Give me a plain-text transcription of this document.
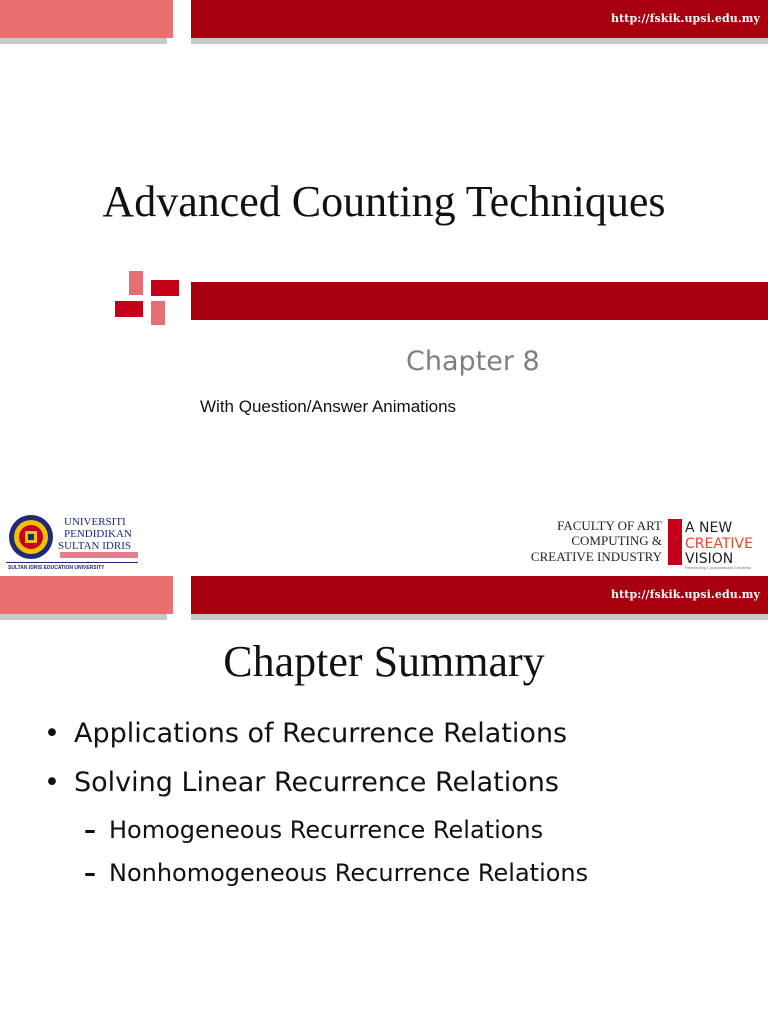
http://fskik.upsi.edu.my
Advanced Counting Techniques
Chapter 8
With Question/Answer Animations
UNIVERSITI
PENDIDIKAN
SULTAN IDRIS
SULTAN IDRIS EDUCATION UNIVERSITY
FACULTY OF ART
COMPUTING &
CREATIVE INDUSTRY
A NEW
CREATIVE
VISION
Reinventing Computational Creativity
http://fskik.upsi.edu.my
Chapter Summary
• Applications of Recurrence Relations
• Solving Linear Recurrence Relations
– Homogeneous Recurrence Relations
– Nonhomogeneous Recurrence Relations
